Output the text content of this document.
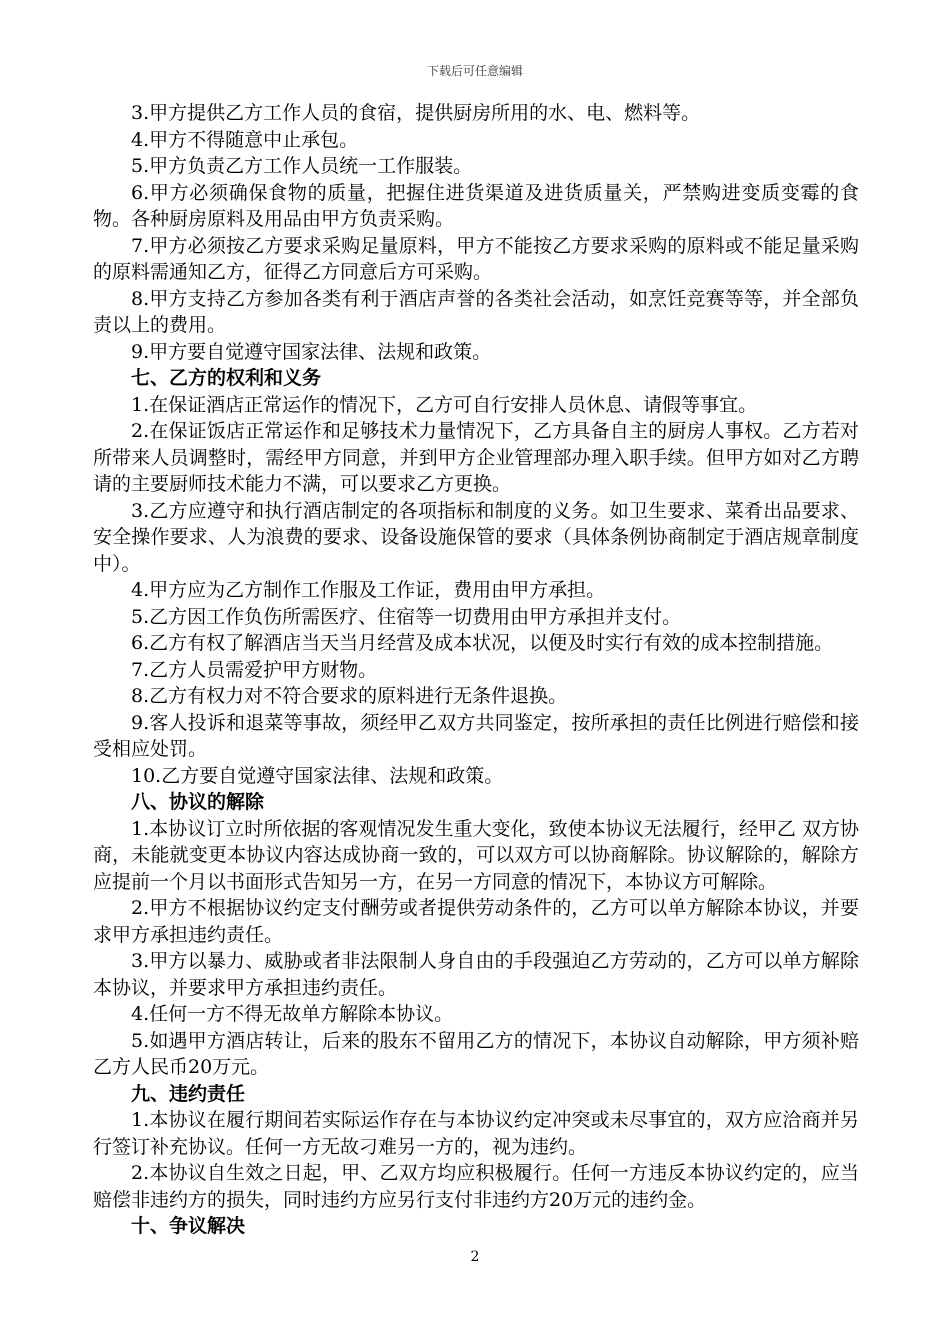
下载后可任意编辑

3.甲方提供乙方工作人员的食宿，提供厨房所用的水、电、燃料等。

4.甲方不得随意中止承包。

5.甲方负责乙方工作人员统一工作服装。

6.甲方必须确保食物的质量，把握住进货渠道及进货质量关，严禁购进变质变霉的食物。各种厨房原料及用品由甲方负责采购。

7.甲方必须按乙方要求采购足量原料，甲方不能按乙方要求采购的原料或不能足量采购的原料需通知乙方，征得乙方同意后方可采购。

8.甲方支持乙方参加各类有利于酒店声誉的各类社会活动，如烹饪竞赛等等，并全部负责以上的费用。

9.甲方要自觉遵守国家法律、法规和政策。

七、乙方的权利和义务

1.在保证酒店正常运作的情况下，乙方可自行安排人员休息、请假等事宜。

2.在保证饭店正常运作和足够技术力量情况下，乙方具备自主的厨房人事权。乙方若对所带来人员调整时，需经甲方同意，并到甲方企业管理部办理入职手续。但甲方如对乙方聘请的主要厨师技术能力不满，可以要求乙方更换。

3.乙方应遵守和执行酒店制定的各项指标和制度的义务。如卫生要求、菜肴出品要求、安全操作要求、人为浪费的要求、设备设施保管的要求（具体条例协商制定于酒店规章制度中）。

4.甲方应为乙方制作工作服及工作证，费用由甲方承担。

5.乙方因工作负伤所需医疗、住宿等一切费用由甲方承担并支付。

6.乙方有权了解酒店当天当月经营及成本状况，以便及时实行有效的成本控制措施。

7.乙方人员需爱护甲方财物。

8.乙方有权力对不符合要求的原料进行无条件退换。

9.客人投诉和退菜等事故，须经甲乙双方共同鉴定，按所承担的责任比例进行赔偿和接受相应处罚。

10.乙方要自觉遵守国家法律、法规和政策。

八、协议的解除

1.本协议订立时所依据的客观情况发生重大变化，致使本协议无法履行，经甲乙 双方协商，未能就变更本协议内容达成协商一致的，可以双方可以协商解除。协议解除的，解除方应提前一个月以书面形式告知另一方，在另一方同意的情况下，本协议方可解除。

2.甲方不根据协议约定支付酬劳或者提供劳动条件的，乙方可以单方解除本协议，并要求甲方承担违约责任。

3.甲方以暴力、威胁或者非法限制人身自由的手段强迫乙方劳动的，乙方可以单方解除本协议，并要求甲方承担违约责任。

4.任何一方不得无故单方解除本协议。

5.如遇甲方酒店转让，后来的股东不留用乙方的情况下，本协议自动解除，甲方须补赔乙方人民币20万元。

九、违约责任

1.本协议在履行期间若实际运作存在与本协议约定冲突或未尽事宜的，双方应洽商并另行签订补充协议。任何一方无故刁难另一方的，视为违约。

2.本协议自生效之日起，甲、乙双方均应积极履行。任何一方违反本协议约定的，应当赔偿非违约方的损失，同时违约方应另行支付非违约方20万元的违约金。

十、争议解决

2
